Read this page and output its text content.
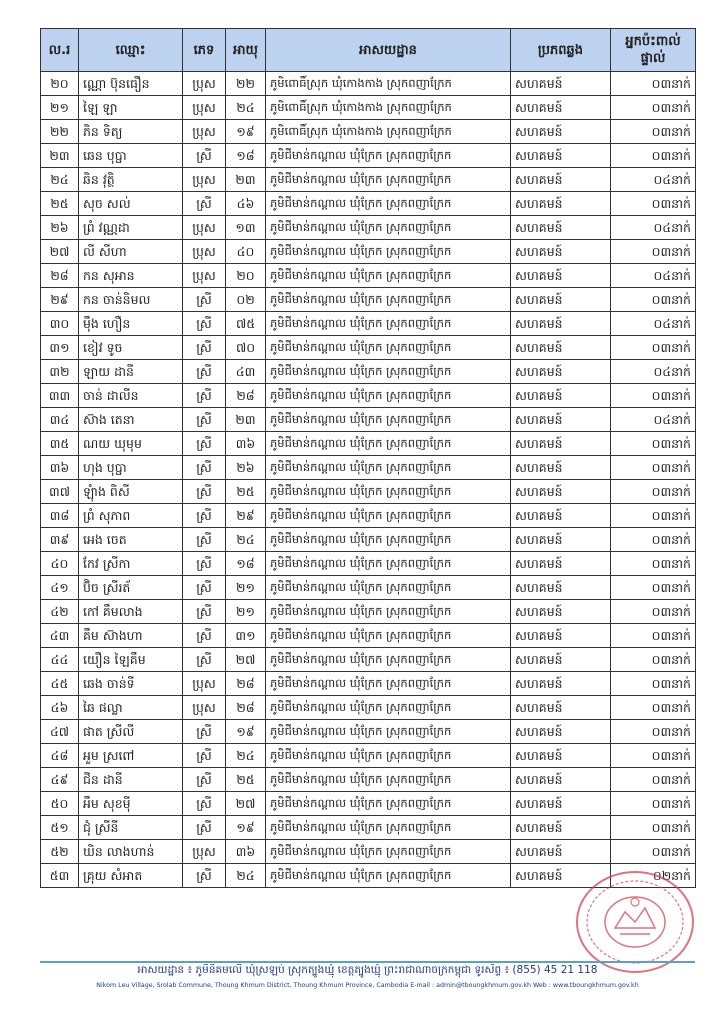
ល.រ	ឈ្មោះ	ភេទ	អាយុ	អាសយដ្ឋាន	ប្រភពឆ្លង	អ្នកប៉ះពាល់ផ្ទាល់
២០	ណ្ណោ ប៊ុនធឿន	ប្រុស	២២	ភូមិពោធិ៍ស្រុក ឃុំកោងកាង ស្រុកពញាក្រែក	សហគមន៍	០៣នាក់
២១	ឡៃ ឡា	ប្រុស	២៤	ភូមិពោធិ៍ស្រុក ឃុំកោងកាង ស្រុកពញាក្រែក	សហគមន៍	០៣នាក់
២២	ភិន ទិត្យ	ប្រុស	១៩	ភូមិពោធិ៍ស្រុក ឃុំកោងកាង ស្រុកពញាក្រែក	សហគមន៍	០៣នាក់
២៣	ឆេន បុប្ផា	ស្រី	១៨	ភូមិជីមាន់កណ្តាល ឃុំក្រែក ស្រុកពញាក្រែក	សហគមន៍	០៣នាក់
២៤	ឆិន វុត្ថិ	ប្រុស	២៣	ភូមិជីមាន់កណ្តាល ឃុំក្រែក ស្រុកពញាក្រែក	សហគមន៍	០៤នាក់
២៥	សុច សល់	ស្រី	៤៦	ភូមិជីមាន់កណ្តាល ឃុំក្រែក ស្រុកពញាក្រែក	សហគមន៍	០៣នាក់
២៦	ព្រំ វណ្ណដា	ប្រុស	១៣	ភូមិជីមាន់កណ្តាល ឃុំក្រែក ស្រុកពញាក្រែក	សហគមន៍	០៤នាក់
២៧	លី សីហា	ប្រុស	៤០	ភូមិជីមាន់កណ្តាល ឃុំក្រែក ស្រុកពញាក្រែក	សហគមន៍	០៣នាក់
២៨	កន សុអាន	ប្រុស	២០	ភូមិជីមាន់កណ្តាល ឃុំក្រែក ស្រុកពញាក្រែក	សហគមន៍	០៤នាក់
២៩	កន ចាន់និមល	ស្រី	០២	ភូមិជីមាន់កណ្តាល ឃុំក្រែក ស្រុកពញាក្រែក	សហគមន៍	០៣នាក់
៣០	ម៉ឹង ហឿន	ស្រី	៧៥	ភូមិជីមាន់កណ្តាល ឃុំក្រែក ស្រុកពញាក្រែក	សហគមន៍	០៤នាក់
៣១	ខៀវ ទូច	ស្រី	៧០	ភូមិជីមាន់កណ្តាល ឃុំក្រែក ស្រុកពញាក្រែក	សហគមន៍	០៣នាក់
៣២	ឡាយ ដានី	ស្រី	៤៣	ភូមិជីមាន់កណ្តាល ឃុំក្រែក ស្រុកពញាក្រែក	សហគមន៍	០៤នាក់
៣៣	ចាន់ ដាលីន	ស្រី	២៨	ភូមិជីមាន់កណ្តាល ឃុំក្រែក ស្រុកពញាក្រែក	សហគមន៍	០៣នាក់
៣៤	ស៊ាង តេនា	ស្រី	២៣	ភូមិជីមាន់កណ្តាល ឃុំក្រែក ស្រុកពញាក្រែក	សហគមន៍	០៤នាក់
៣៥	ណយ ឃុមុម	ស្រី	៣៦	ភូមិជីមាន់កណ្តាល ឃុំក្រែក ស្រុកពញាក្រែក	សហគមន៍	០៣នាក់
៣៦	ហុង បុប្ផា	ស្រី	២៦	ភូមិជីមាន់កណ្តាល ឃុំក្រែក ស្រុកពញាក្រែក	សហគមន៍	០៣នាក់
៣៧	ឡុំាង ពិសី	ស្រី	២៥	ភូមិជីមាន់កណ្តាល ឃុំក្រែក ស្រុកពញាក្រែក	សហគមន៍	០៣នាក់
៣៨	ព្រំ សុភាព	ស្រី	២៩	ភូមិជីមាន់កណ្តាល ឃុំក្រែក ស្រុកពញាក្រែក	សហគមន៍	០៣នាក់
៣៩	អេង ចេត	ស្រី	២៤	ភូមិជីមាន់កណ្តាល ឃុំក្រែក ស្រុកពញាក្រែក	សហគមន៍	០៣នាក់
៤០	កែវ ស្រីកា	ស្រី	១៨	ភូមិជីមាន់កណ្តាល ឃុំក្រែក ស្រុកពញាក្រែក	សហគមន៍	០៣នាក់
៤១	ប៊ិច ស្រីរត័	ស្រី	២១	ភូមិជីមាន់កណ្តាល ឃុំក្រែក ស្រុកពញាក្រែក	សហគមន៍	០៣នាក់
៤២	កៅ គឹមលាង	ស្រី	២១	ភូមិជីមាន់កណ្តាល ឃុំក្រែក ស្រុកពញាក្រែក	សហគមន៍	០៣នាក់
៤៣	គឹម ស៊ាងហា	ស្រី	៣១	ភូមិជីមាន់កណ្តាល ឃុំក្រែក ស្រុកពញាក្រែក	សហគមន៍	០៣នាក់
៤៤	យឿន ឡៃគឹម	ស្រី	២៧	ភូមិជីមាន់កណ្តាល ឃុំក្រែក ស្រុកពញាក្រែក	សហគមន៍	០៣នាក់
៤៥	ឆេង ចាន់ទី	ប្រុស	២៨	ភូមិជីមាន់កណ្តាល ឃុំក្រែក ស្រុកពញាក្រែក	សហគមន៍	០៣នាក់
៤៦	ឆៃ ផល្លា	ប្រុស	២៨	ភូមិជីមាន់កណ្តាល ឃុំក្រែក ស្រុកពញាក្រែក	សហគមន៍	០៣នាក់
៤៧	ផាត ស្រីលី	ស្រី	១៩	ភូមិជីមាន់កណ្តាល ឃុំក្រែក ស្រុកពញាក្រែក	សហគមន៍	០៣នាក់
៤៨	អួម ស្រពៅ	ស្រី	២៤	ភូមិជីមាន់កណ្តាល ឃុំក្រែក ស្រុកពញាក្រែក	សហគមន៍	០៣នាក់
៤៩	ជីន ដានី	ស្រី	២៥	ភូមិជីមាន់កណ្តាល ឃុំក្រែក ស្រុកពញាក្រែក	សហគមន៍	០៣នាក់
៥០	អឹម សុខម៉ី	ស្រី	២៧	ភូមិជីមាន់កណ្តាល ឃុំក្រែក ស្រុកពញាក្រែក	សហគមន៍	០៣នាក់
៥១	ជុំ ស្រីនី	ស្រី	១៩	ភូមិជីមាន់កណ្តាល ឃុំក្រែក ស្រុកពញាក្រែក	សហគមន៍	០៣នាក់
៥២	ឃិន លាងហាន់	ប្រុស	៣៦	ភូមិជីមាន់កណ្តាល ឃុំក្រែក ស្រុកពញាក្រែក	សហគមន៍	០៣នាក់
៥៣	គ្រុយ សំអាត	ស្រី	២៤	ភូមិជីមាន់កណ្តាល ឃុំក្រែក ស្រុកពញាក្រែក	សហគមន៍	០២នាក់
អាសយដ្ឋាន ៖ ភូមិនិគមលើ ឃុំស្រឡប់ ស្រុកត្បូងឃ្មុំ ខេត្តត្បូងឃ្មុំ ព្រះរាជាណាចក្រកម្ពុជា ទូរស័ព្ទ ៖ (855) 45 21 118
Nikom Leu Village, Srolab Commune, Thoung Khmum District, Thoung Khmum Province, Cambodia E-mail : admin@tboungkhmum.gov.kh Web : www.tboungkhmum.gov.kh
